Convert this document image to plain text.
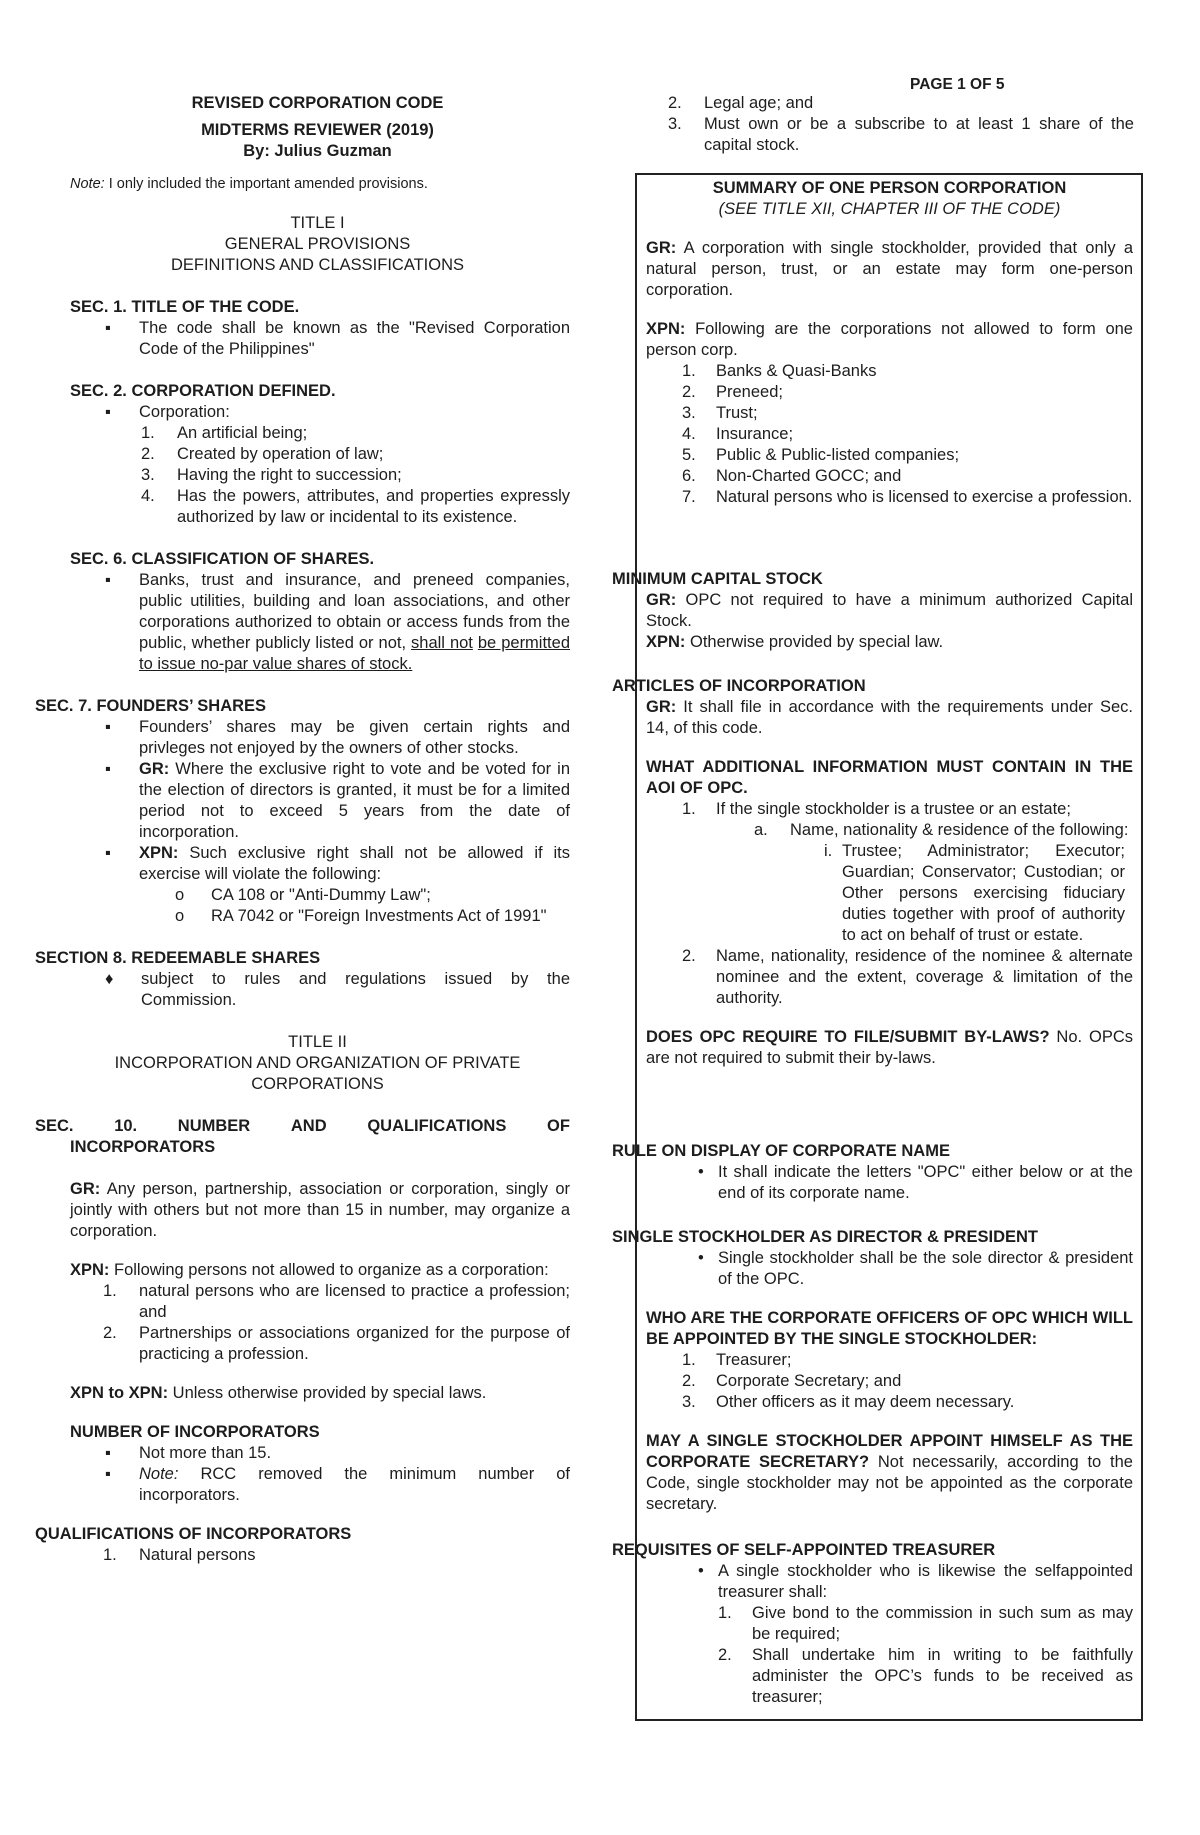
PAGE 1 OF 5

REVISED CORPORATION CODE

MIDTERMS REVIEWER (2019)

By: Julius Guzman

Note: I only included the important amended provisions.

TITLE I

GENERAL PROVISIONS

DEFINITIONS AND CLASSIFICATIONS

SEC. 1. TITLE OF THE CODE.

▪ The code shall be known as the "Revised Corporation Code of the Philippines"

SEC. 2. CORPORATION DEFINED.

▪ Corporation:
1. An artificial being;
2. Created by operation of law;
3. Having the right to succession;
4. Has the powers, attributes, and properties expressly authorized by law or incidental to its existence.

SEC. 6. CLASSIFICATION OF SHARES.

▪ Banks, trust and insurance, and preneed companies, public utilities, building and loan associations, and other corporations authorized to obtain or access funds from the public, whether publicly listed or not, shall not be permitted to issue no-par value shares of stock.

SEC. 7. FOUNDERS’ SHARES

▪ Founders’ shares may be given certain rights and privleges not enjoyed by the owners of other stocks.
▪ GR: Where the exclusive right to vote and be voted for in the election of directors is granted, it must be for a limited period not to exceed 5 years from the date of incorporation.
▪ XPN: Such exclusive right shall not be allowed if its exercise will violate the following:
o CA 108 or "Anti-Dummy Law";
o RA 7042 or "Foreign Investments Act of 1991"

SECTION 8. REDEEMABLE SHARES

♦ subject to rules and regulations issued by the Commission.

TITLE II

INCORPORATION AND ORGANIZATION OF PRIVATE

CORPORATIONS

SEC. 10. NUMBER AND QUALIFICATIONS OF

INCORPORATORS

GR: Any person, partnership, association or corporation, singly or jointly with others but not more than 15 in number, may organize a corporation.

XPN: Following persons not allowed to organize as a corporation:

1. natural persons who are licensed to practice a profession; and
2. Partnerships or associations organized for the purpose of practicing a profession.

XPN to XPN: Unless otherwise provided by special laws.

NUMBER OF INCORPORATORS

▪ Not more than 15.
▪ Note: RCC removed the minimum number of incorporators.

QUALIFICATIONS OF INCORPORATORS

1. Natural persons
2. Legal age; and
3. Must own or be a subscribe to at least 1 share of the capital stock.

SUMMARY OF ONE PERSON CORPORATION

(SEE TITLE XII, CHAPTER III OF THE CODE)

GR: A corporation with single stockholder, provided that only a natural person, trust, or an estate may form one-person corporation.

XPN: Following are the corporations not allowed to form one person corp.

1. Banks & Quasi-Banks
2. Preneed;
3. Trust;
4. Insurance;
5. Public & Public-listed companies;
6. Non-Charted GOCC; and
7. Natural persons who is licensed to exercise a profession.

MINIMUM CAPITAL STOCK

GR: OPC not required to have a minimum authorized Capital Stock.

XPN: Otherwise provided by special law.

ARTICLES OF INCORPORATION

GR: It shall file in accordance with the requirements under Sec. 14, of this code.

WHAT ADDITIONAL INFORMATION MUST CONTAIN IN THE AOI OF OPC.

1. If the single stockholder is a trustee or an estate;
a. Name, nationality & residence of the following:
i. Trustee; Administrator; Executor; Guardian; Conservator; Custodian; or Other persons exercising fiduciary duties together with proof of authority to act on behalf of trust or estate.
2. Name, nationality, residence of the nominee & alternate nominee and the extent, coverage & limitation of the authority.

DOES OPC REQUIRE TO FILE/SUBMIT BY-LAWS? No. OPCs are not required to submit their by-laws.

RULE ON DISPLAY OF CORPORATE NAME

• It shall indicate the letters "OPC" either below or at the end of its corporate name.

SINGLE STOCKHOLDER AS DIRECTOR & PRESIDENT

• Single stockholder shall be the sole director & president of the OPC.

WHO ARE THE CORPORATE OFFICERS OF OPC WHICH WILL BE APPOINTED BY THE SINGLE STOCKHOLDER:

1. Treasurer;
2. Corporate Secretary; and
3. Other officers as it may deem necessary.

MAY A SINGLE STOCKHOLDER APPOINT HIMSELF AS THE CORPORATE SECRETARY? Not necessarily, according to the Code, single stockholder may not be appointed as the corporate secretary.

REQUISITES OF SELF-APPOINTED TREASURER

• A single stockholder who is likewise the selfappointed treasurer shall:
1. Give bond to the commission in such sum as may be required;
2. Shall undertake him in writing to be faithfully administer the OPC’s funds to be received as treasurer;
